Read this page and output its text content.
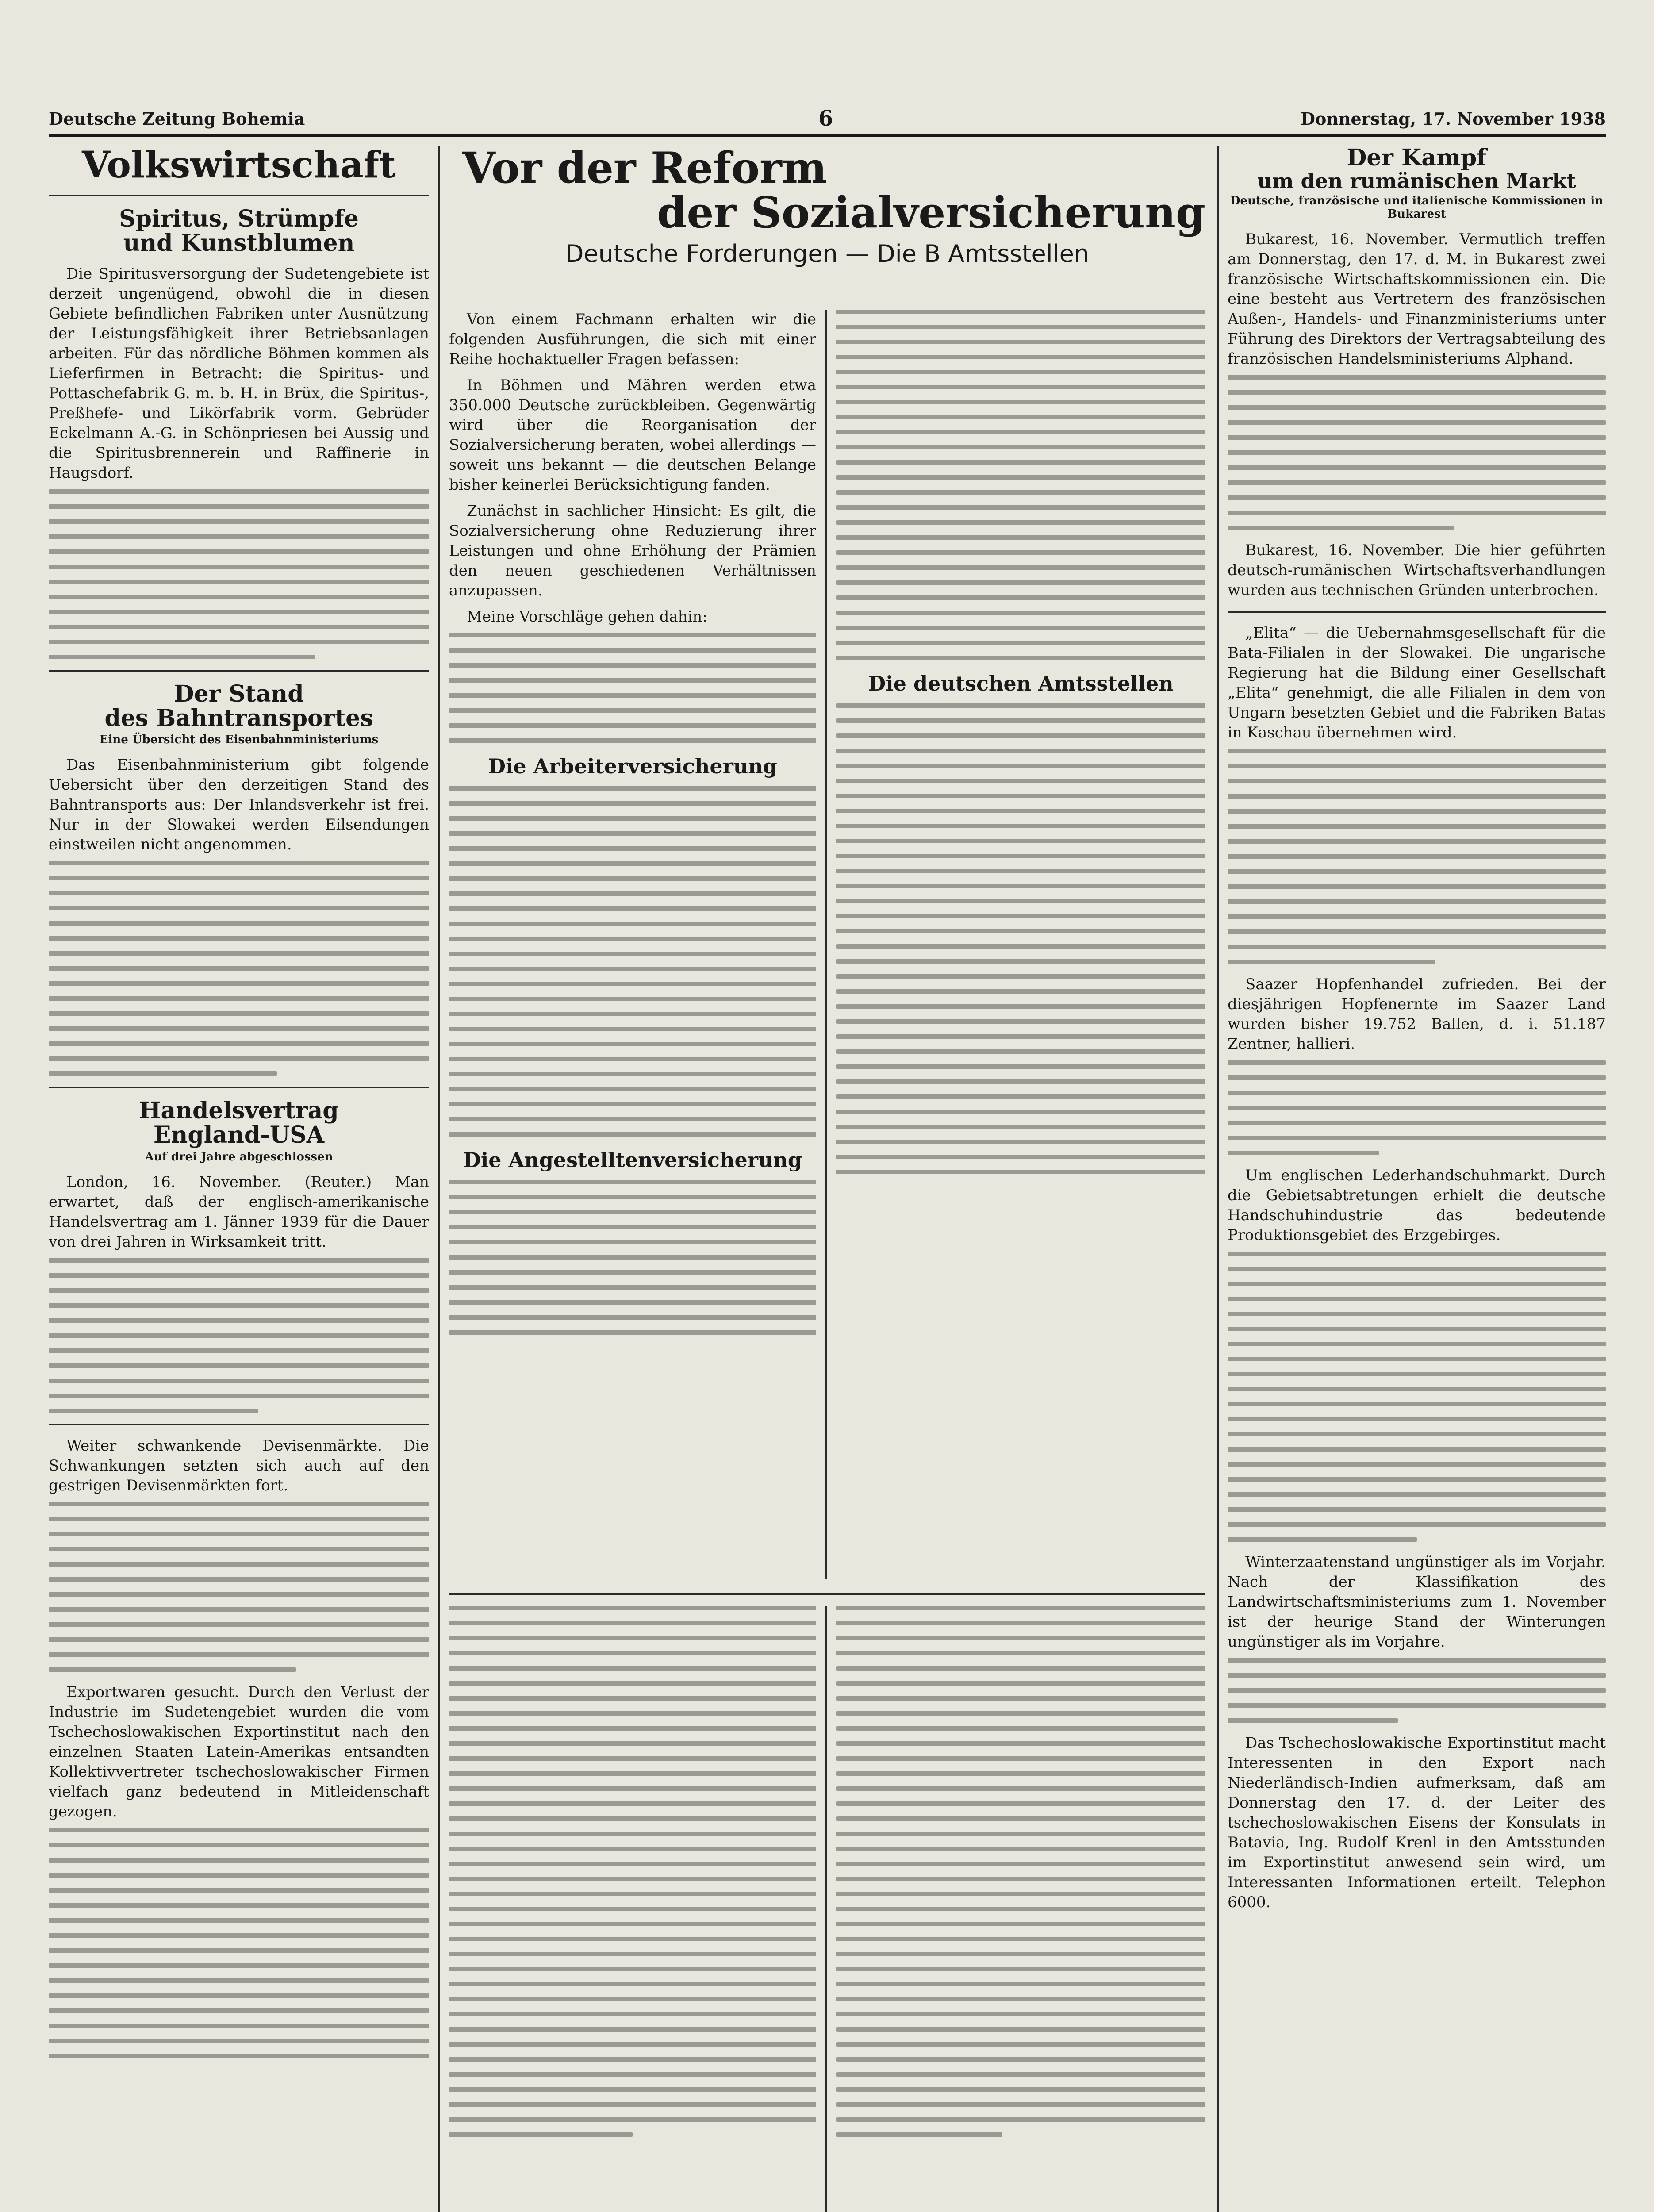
Deutsche Zeitung Bohemia	6	Donnerstag, 17. November 1938

Volkswirtschaft

Spiritus, Strümpfe

und Kunstblumen

Die Spiritusversorgung der Sudetengebiete ist derzeit ungenügend, obwohl die in diesen Gebiete befindlichen Fabriken unter Ausnützung der Leistungsfähigkeit ihrer Betriebsanlagen arbeiten. Für das nördliche Böhmen kommen als Lieferfirmen in Betracht: die Spiritus- und Pottaschefabrik G. m. b. H. in Brüx, die Spiritus-, Preßhefe- und Likörfabrik vorm. Gebrüder Eckelmann A.-G. in Schönpriesen bei Aussig und die Spiritusbrennerein und Raffinerie in Haugsdorf.

Der Stand

des Bahntransportes

Eine Übersicht des Eisenbahnministeriums

Das Eisenbahnministerium gibt folgende Uebersicht über den derzeitigen Stand des Bahntransports aus: Der Inlandsverkehr ist frei. Nur in der Slowakei werden Eilsendungen einstweilen nicht angenommen.

Handelsvertrag

England-USA

Auf drei Jahre abgeschlossen

London, 16. November. (Reuter.) Man erwartet, daß der englisch-amerikanische Handelsvertrag am 1. Jänner 1939 für die Dauer von drei Jahren in Wirksamkeit tritt.

Weiter schwankende Devisenmärkte. Die Schwankungen setzten sich auch auf den gestrigen Devisenmärkten fort.

Exportwaren gesucht. Durch den Verlust der Industrie im Sudetengebiet wurden die vom Tschechoslowakischen Exportinstitut nach den einzelnen Staaten Latein-Amerikas entsandten Kollektivvertreter tschechoslowakischer Firmen vielfach ganz bedeutend in Mitleidenschaft gezogen.

Vor der Reform

der Sozialversicherung

Deutsche Forderungen — Die B Amtsstellen

Von einem Fachmann erhalten wir die folgenden Ausführungen, die sich mit einer Reihe hochaktueller Fragen befassen:

In Böhmen und Mähren werden etwa 350.000 Deutsche zurückbleiben. Gegenwärtig wird über die Reorganisation der Sozialversicherung beraten, wobei allerdings — soweit uns bekannt — die deutschen Belange bisher keinerlei Berücksichtigung fanden.

Zunächst in sachlicher Hinsicht: Es gilt, die Sozialversicherung ohne Reduzierung ihrer Leistungen und ohne Erhöhung der Prämien den neuen geschiedenen Verhältnissen anzupassen.

Meine Vorschläge gehen dahin:

Die Arbeiterversicherung

Die Angestelltenversicherung

Die deutschen Amtsstellen

Der Kampf

um den rumänischen Markt

Deutsche, französische und italienische Kommissionen in Bukarest

Bukarest, 16. November. Vermutlich treffen am Donnerstag, den 17. d. M. in Bukarest zwei französische Wirtschaftskommissionen ein. Die eine besteht aus Vertretern des französischen Außen-, Handels- und Finanzministeriums unter Führung des Direktors der Vertragsabteilung des französischen Handelsministeriums Alphand.

Bukarest, 16. November. Die hier geführten deutsch-rumänischen Wirtschaftsverhandlungen wurden aus technischen Gründen unterbrochen.

„Elita“ — die Uebernahmsgesellschaft für die Bata-Filialen in der Slowakei. Die ungarische Regierung hat die Bildung einer Gesellschaft „Elita“ genehmigt, die alle Filialen in dem von Ungarn besetzten Gebiet und die Fabriken Batas in Kaschau übernehmen wird.

Saazer Hopfenhandel zufrieden. Bei der diesjährigen Hopfenernte im Saazer Land wurden bisher 19.752 Ballen, d. i. 51.187 Zentner, hallieri.

Um englischen Lederhandschuhmarkt. Durch die Gebietsabtretungen erhielt die deutsche Handschuhindustrie das bedeutende Produktionsgebiet des Erzgebirges.

Winterzaatenstand ungünstiger als im Vorjahr. Nach der Klassifikation des Landwirtschaftsministeriums zum 1. November ist der heurige Stand der Winterungen ungünstiger als im Vorjahre.

Das Tschechoslowakische Exportinstitut macht Interessenten in den Export nach Niederländisch-Indien aufmerksam, daß am Donnerstag den 17. d. der Leiter des tschechoslowakischen Eisens der Konsulats in Batavia, Ing. Rudolf Krenl in den Amtsstunden im Exportinstitut anwesend sein wird, um Interessanten Informationen erteilt. Telephon 6000.
